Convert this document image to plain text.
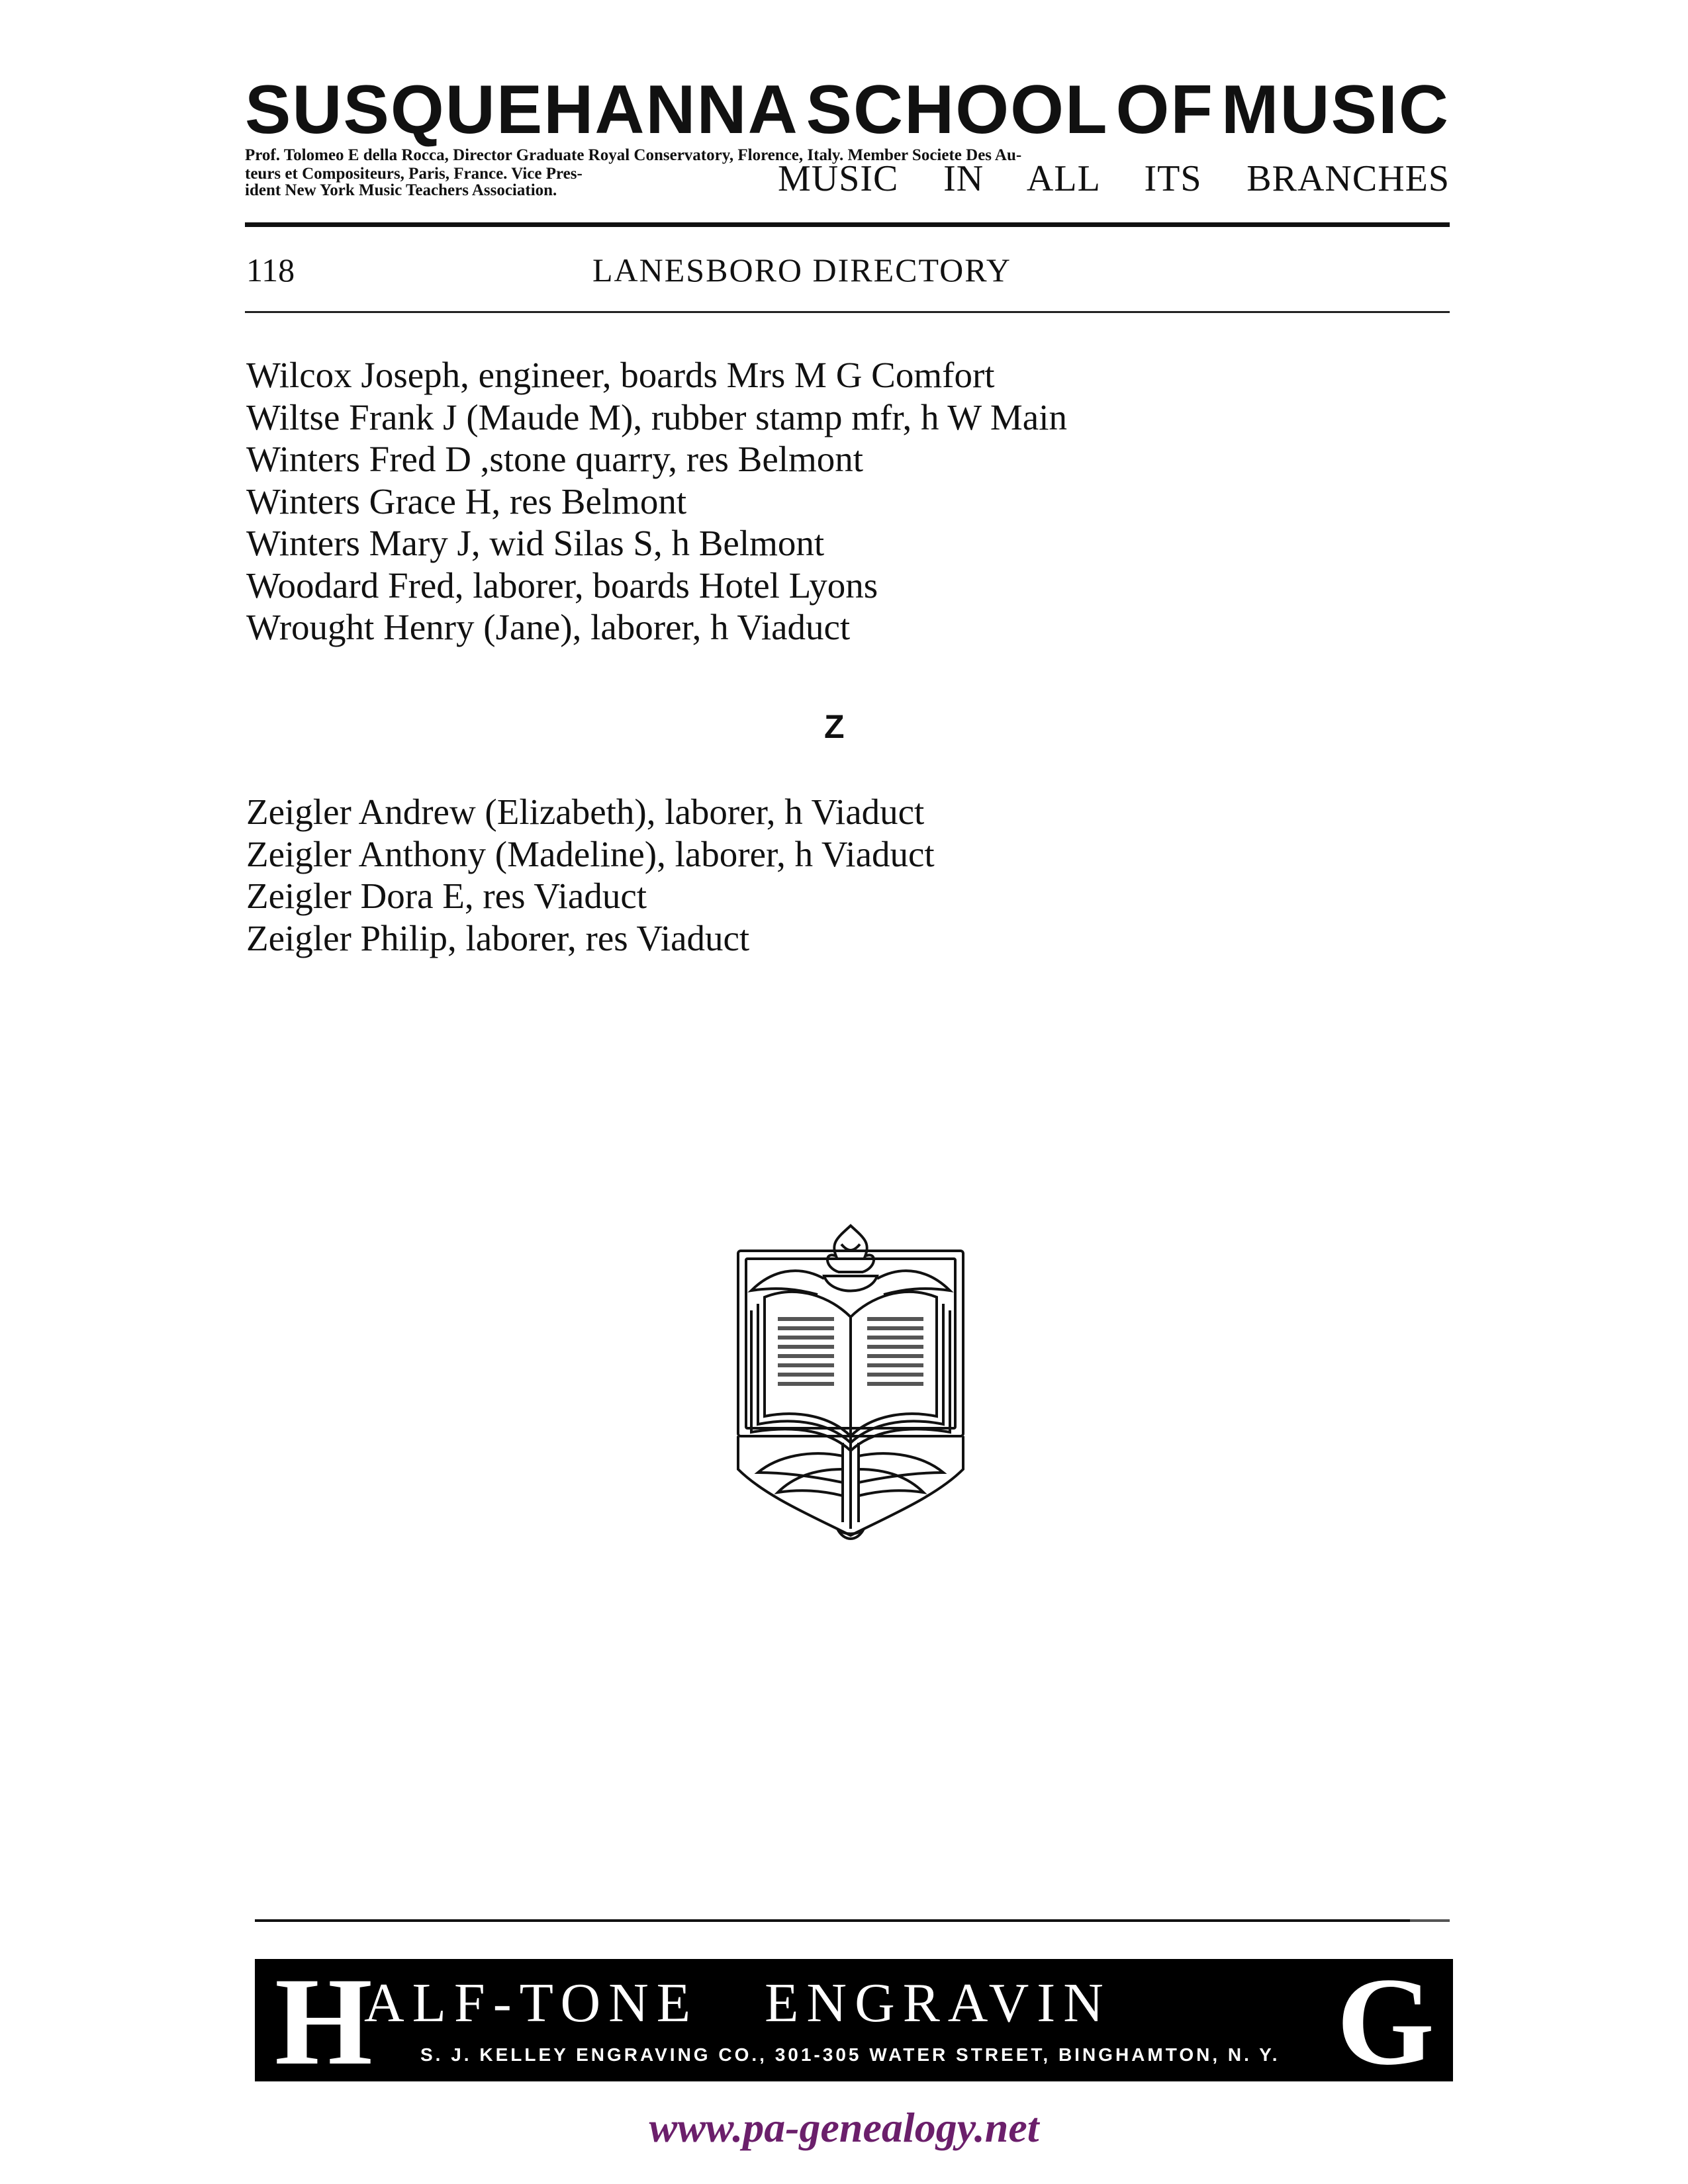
SUSQUEHANNA SCHOOL OF MUSIC
Prof. Tolomeo E della Rocca, Director Graduate Royal Conservatory, Florence, Italy. Member Societe Des Au-
teurs et Compositeurs, Paris, France. Vice Pres-
ident New York Music Teachers Association.	MUSIC IN ALL ITS BRANCHES
118	LANESBORO DIRECTORY
Wilcox Joseph, engineer, boards Mrs M G Comfort
Wiltse Frank J (Maude M), rubber stamp mfr, h W Main
Winters Fred D ,stone quarry, res Belmont
Winters Grace H, res Belmont
Winters Mary J, wid Silas S, h Belmont
Woodard Fred, laborer, boards Hotel Lyons
Wrought Henry (Jane), laborer, h Viaduct
Z
Zeigler Andrew (Elizabeth), laborer, h Viaduct
Zeigler Anthony (Madeline), laborer, h Viaduct
Zeigler Dora E, res Viaduct
Zeigler Philip, laborer, res Viaduct
H
ALF-TONE ENGRAVIN	G
S. J. KELLEY ENGRAVING CO., 301-305 WATER STREET, BINGHAMTON, N. Y.
www.pa-genealogy.net
